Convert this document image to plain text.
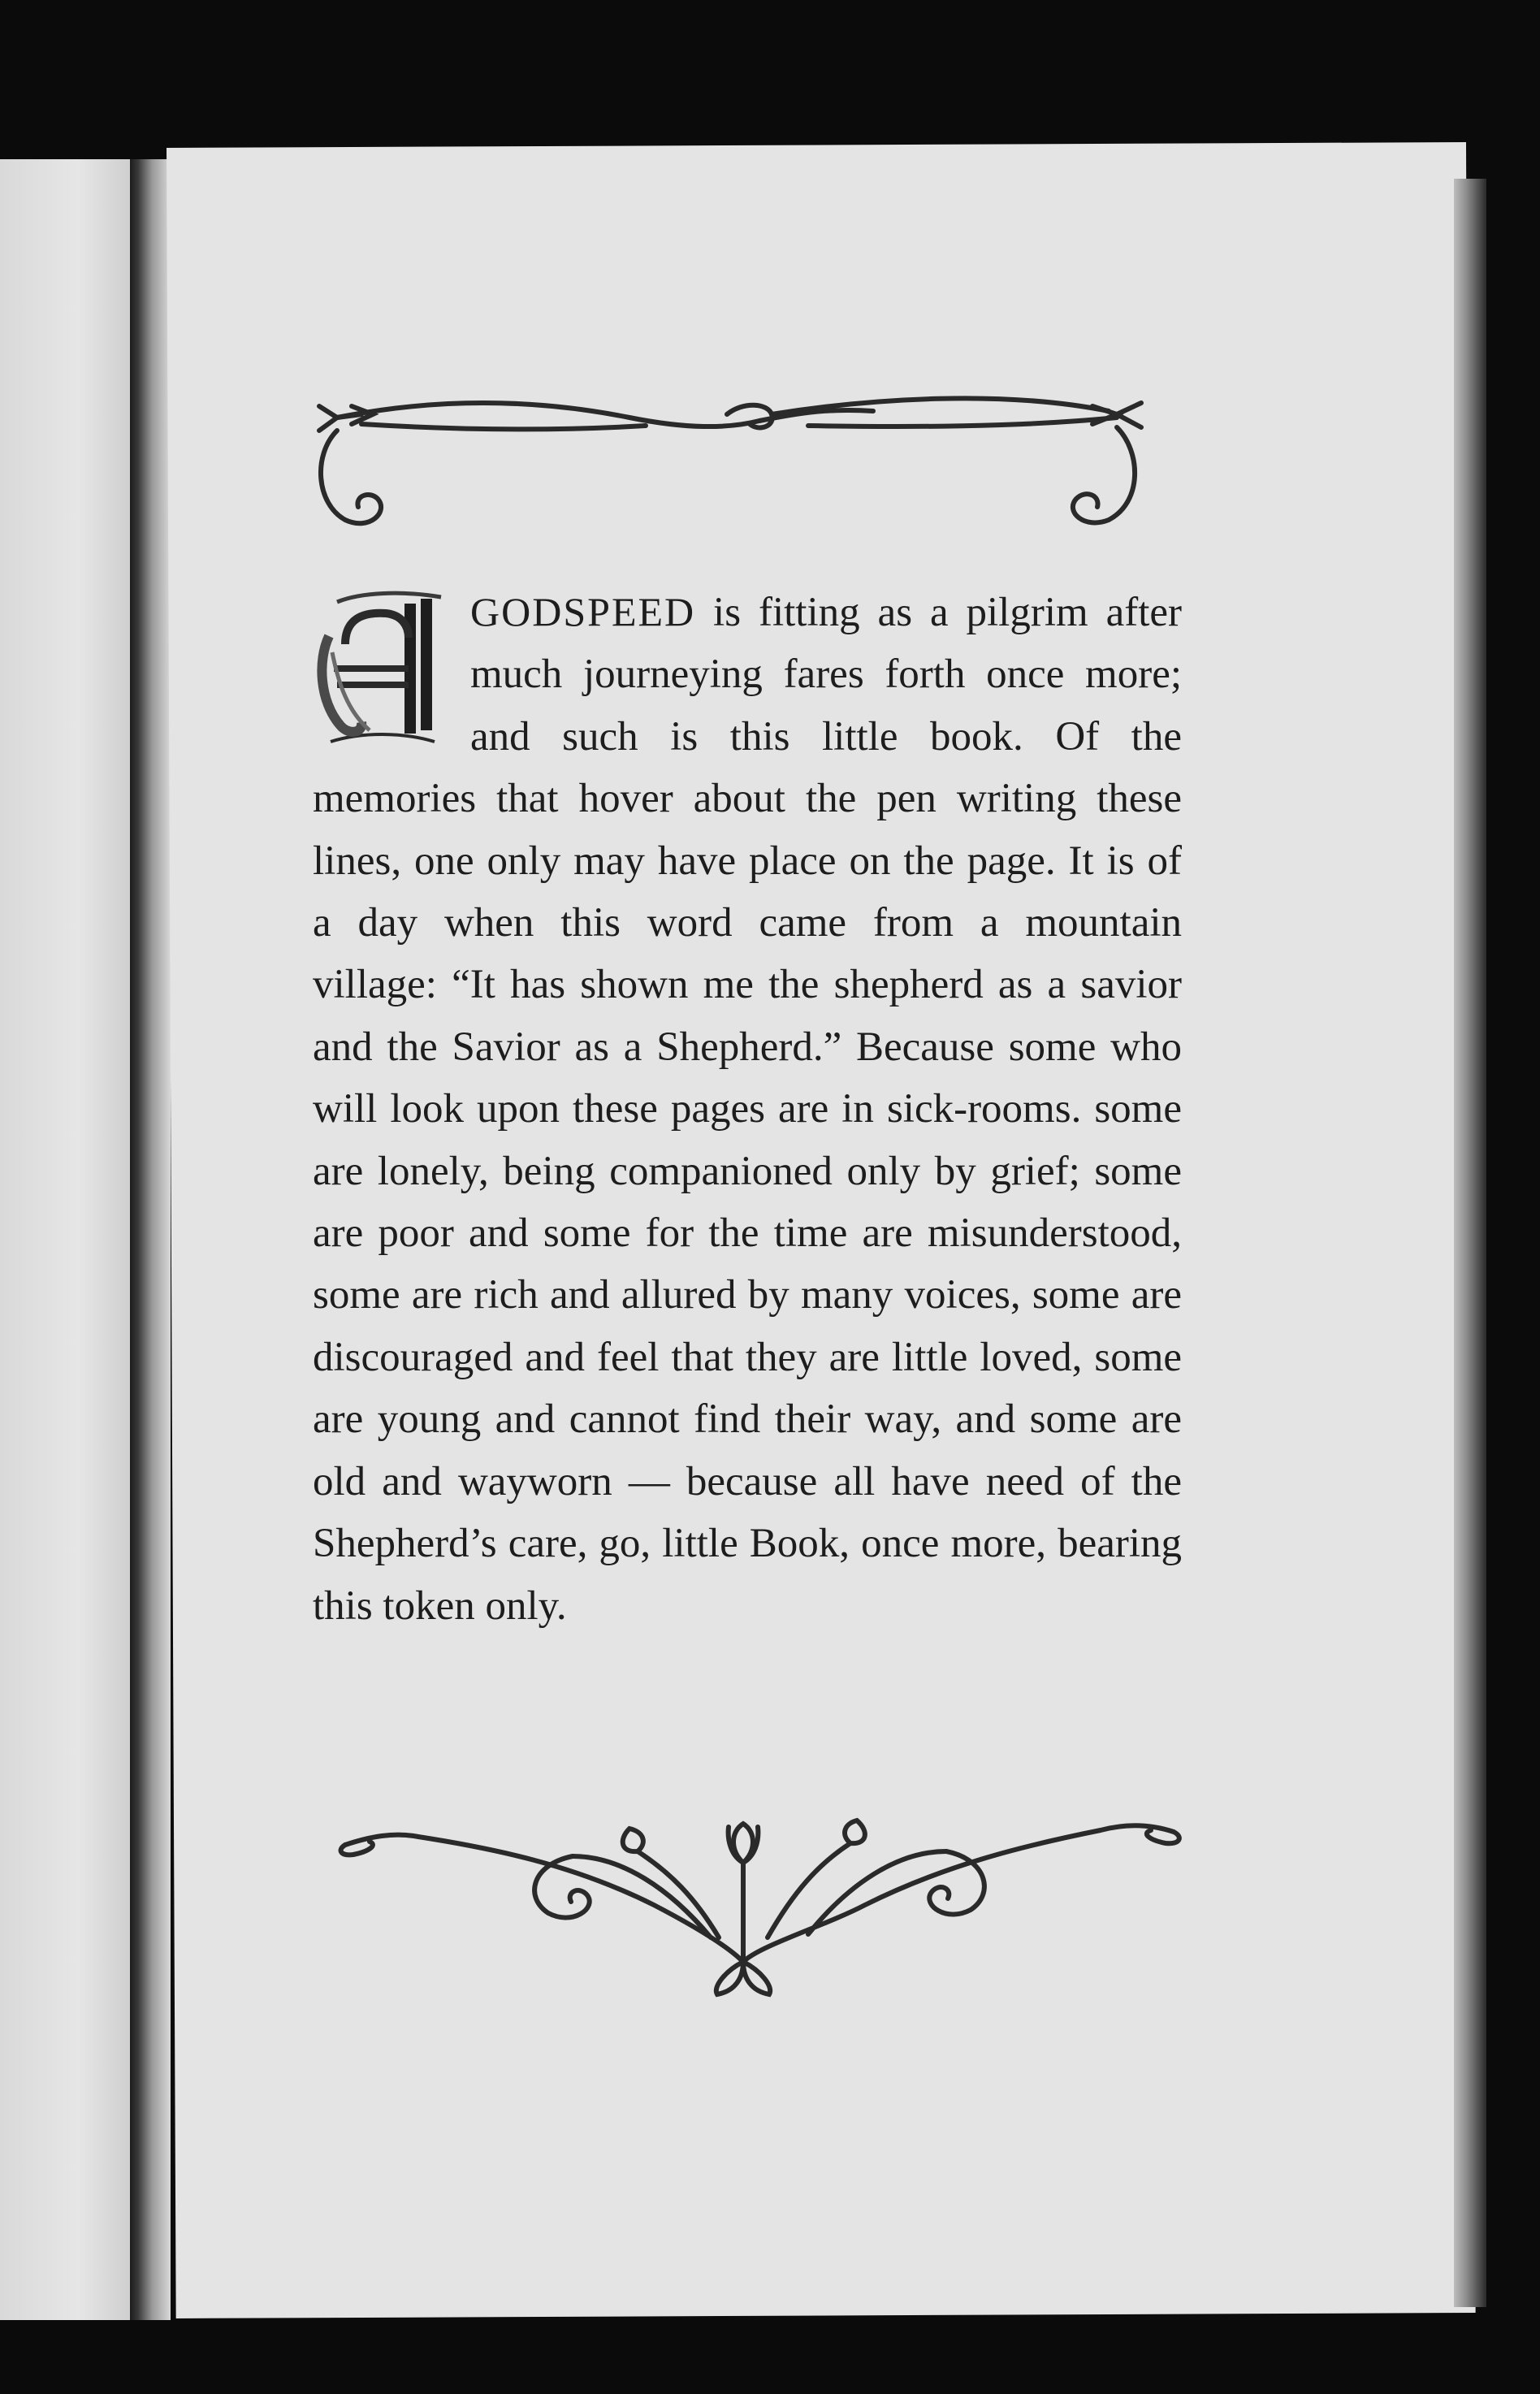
GODSPEED is fitting as a pilgrim after much journeying fares forth once more; and such is this little book. Of the memories that hover about the pen writing these lines, one only may have place on the page. It is of a day when this word came from a mountain village: “It has shown me the shepherd as a savior and the Savior as a Shepherd.” Because some who will look upon these pages are in sick-rooms. some are lonely, being companioned only by grief; some are poor and some for the time are misunderstood, some are rich and allured by many voices, some are discouraged and feel that they are little loved, some are young and cannot find their way, and some are old and wayworn — because all have need of the Shepherd’s care, go, little Book, once more, bearing this token only.
